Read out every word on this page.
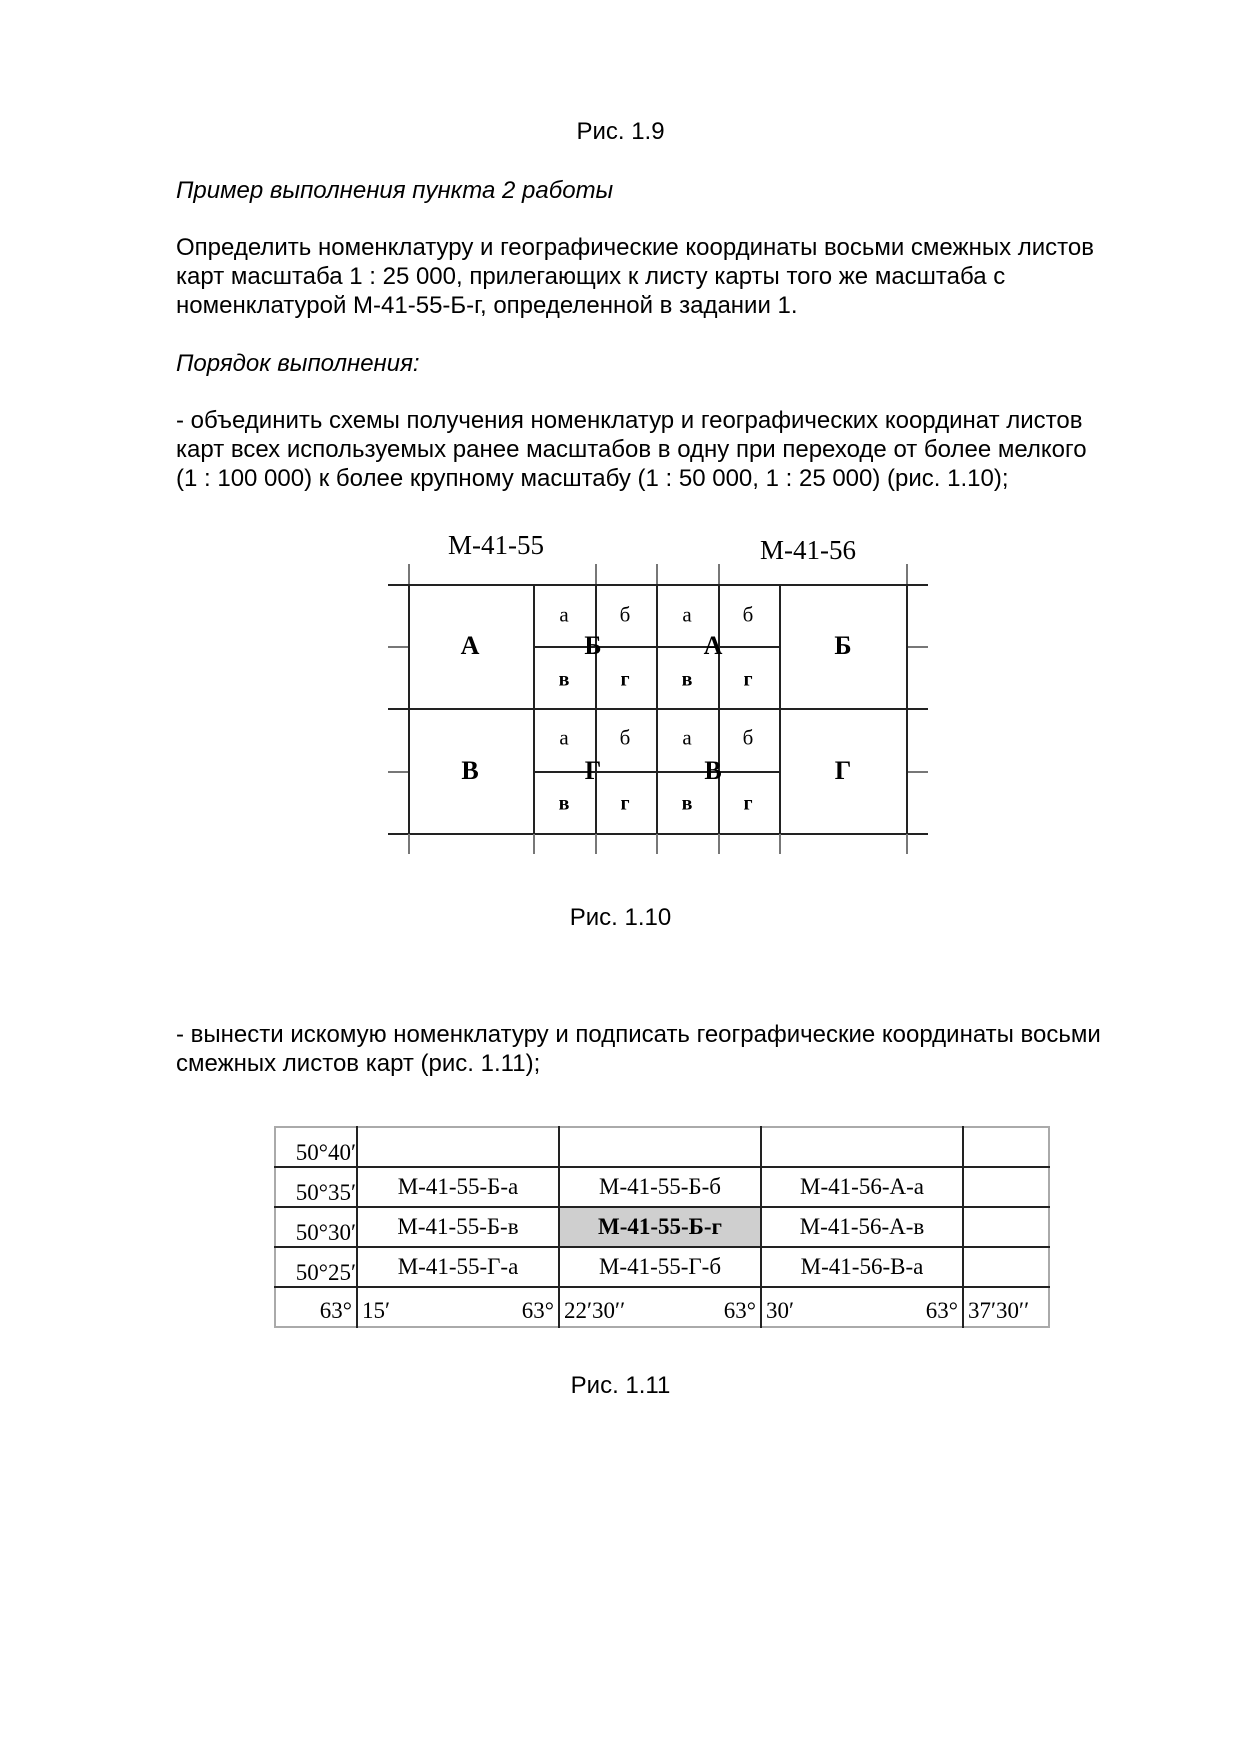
Рис. 1.9
Пример выполнения пункта 2 работы
Определить номенклатуру и географические координаты восьми смежных листов
карт масштаба 1 : 25 000, прилегающих к листу карты того же масштаба с
номенклатурой М-41-55-Б-г, определенной в задании 1.
Порядок выполнения:
- объединить схемы получения номенклатур и географических координат листов
карт всех используемых ранее масштабов в одну при переходе от более мелкого
(1 : 100 000) к более крупному масштабу (1 : 50 000, 1 : 25 000) (рис. 1.10);
М-41-55	М-41-56
А
В
Б
Г
А
В
Б
Г
а б а б
в	г	в	г
а б а б
в	г	в	г
Рис. 1.10
- вынести искомую номенклатуру и подписать географические координаты восьми
смежных листов карт (рис. 1.11);
50°40′				
50°35′	М-41-55-Б-а	М-41-55-Б-б	М-41-56-А-а	
50°30′	М-41-55-Б-в	М-41-55-Б-г	М-41-56-А-в	
50°25′	М-41-55-Г-а	М-41-55-Г-б	М-41-56-В-а	

63°	15′ 63°	22′30′′ 63°	30′ 63°	37′30′′
Рис. 1.11
